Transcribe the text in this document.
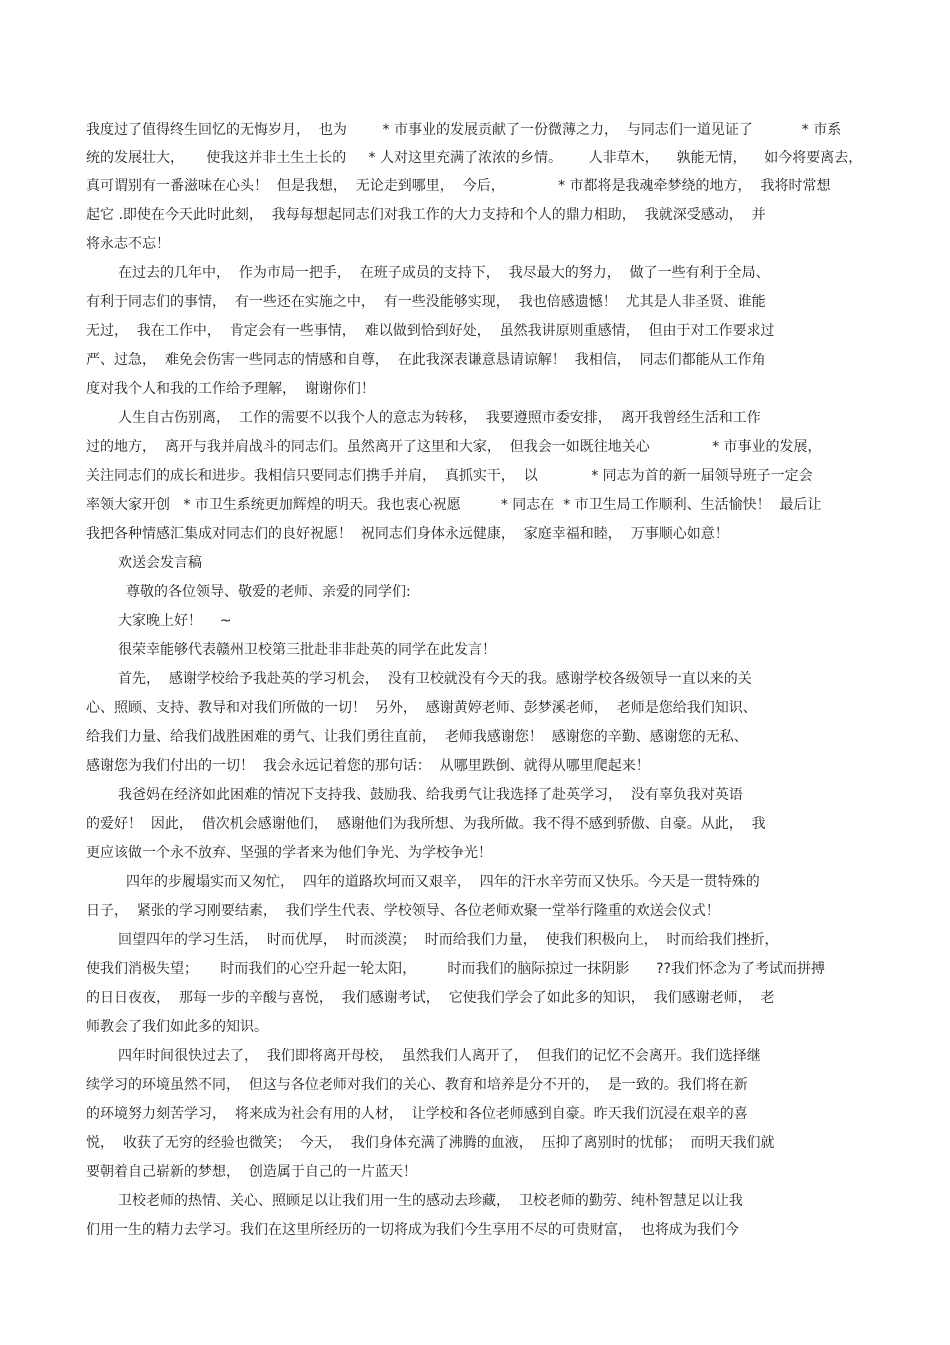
我度过了值得终生回忆的无悔岁月，  也为        * 市事业的发展贡献了一份微薄之力，  与同志们一道见证了           * 市系
统的发展壮大，     使我这并非土生土长的     * 人对这里充满了浓浓的乡情。      人非草木，    孰能无情，    如今将要离去，
真可谓别有一番滋味在心头！  但是我想，  无论走到哪里，  今后，            * 市都将是我魂牵梦绕的地方，  我将时常想
起它 .即使在今天此时此刻，  我每每想起同志们对我工作的大力支持和个人的鼎力相助，  我就深受感动，  并
将永志不忘！
在过去的几年中，  作为市局一把手，  在班子成员的支持下，  我尽最大的努力，  做了一些有利于全局、
有利于同志们的事情，  有一些还在实施之中，  有一些没能够实现，  我也倍感遗憾！  尤其是人非圣贤、谁能
无过，  我在工作中，  肯定会有一些事情，  难以做到恰到好处，  虽然我讲原则重感情，  但由于对工作要求过
严、过急，  难免会伤害一些同志的情感和自尊，  在此我深表谦意恳请谅解！  我相信，  同志们都能从工作角
度对我个人和我的工作给予理解，  谢谢你们！
人生自古伤别离，  工作的需要不以我个人的意志为转移，  我要遵照市委安排，  离开我曾经生活和工作
过的地方，  离开与我并肩战斗的同志们。虽然离开了这里和大家，  但我会一如既往地关心              * 市事业的发展，
关注同志们的成长和进步。我相信只要同志们携手并肩，  真抓实干，  以            * 同志为首的新一届领导班子一定会
率领大家开创   * 市卫生系统更加辉煌的明天。我也衷心祝愿         * 同志在  * 市卫生局工作顺利、生活愉快！  最后让
我把各种情感汇集成对同志们的良好祝愿！  祝同志们身体永远健康，  家庭幸福和睦，  万事顺心如意！
欢送会发言稿
尊敬的各位领导、敬爱的老师、亲爱的同学们:
大家晚上好！    ~
很荣幸能够代表赣州卫校第三批赴非非赴英的同学在此发言！
首先，  感谢学校给予我赴英的学习机会，  没有卫校就没有今天的我。感谢学校各级领导一直以来的关
心、照顾、支持、教导和对我们所做的一切！  另外，  感谢黄婷老师、彭梦溪老师，  老师是您给我们知识、
给我们力量、给我们战胜困难的勇气、让我们勇往直前，  老师我感谢您！  感谢您的辛勤、感谢您的无私、
感谢您为我们付出的一切！  我会永远记着您的那句话：  从哪里跌倒、就得从哪里爬起来！
我爸妈在经济如此困难的情况下支持我、鼓励我、给我勇气让我选择了赴英学习，  没有辜负我对英语
的爱好！  因此，  借次机会感谢他们，  感谢他们为我所想、为我所做。我不得不感到骄傲、自豪。从此，  我
更应该做一个永不放弃、坚强的学者来为他们争光、为学校争光！
四年的步履塌实而又匆忙，  四年的道路坎坷而又艰辛，  四年的汗水辛劳而又快乐。今天是一贯特殊的
日子，  紧张的学习刚要结素，  我们学生代表、学校领导、各位老师欢聚一堂举行隆重的欢送会仪式！
回望四年的学习生活，  时而优厚，  时而淡漠；  时而给我们力量，  使我们积极向上，  时而给我们挫折，
使我们消极失望；     时而我们的心空升起一轮太阳，       时而我们的脑际掠过一抹阴影      ??我们怀念为了考试而拼搏
的日日夜夜，  那每一步的辛酸与喜悦，  我们感谢考试，  它使我们学会了如此多的知识，  我们感谢老师，  老
师教会了我们如此多的知识。
四年时间很快过去了，  我们即将离开母校，  虽然我们人离开了，  但我们的记忆不会离开。我们选择继
续学习的环境虽然不同，  但这与各位老师对我们的关心、教育和培养是分不开的，  是一致的。我们将在新
的环境努力刻苦学习，  将来成为社会有用的人材，  让学校和各位老师感到自豪。昨天我们沉浸在艰辛的喜
悦，  收获了无穷的经验也微笑；  今天，  我们身体充满了沸腾的血液，  压抑了离别时的忧郁；  而明天我们就
要朝着自己崭新的梦想，  创造属于自己的一片蓝天！
卫校老师的热情、关心、照顾足以让我们用一生的感动去珍藏，  卫校老师的勤劳、纯朴智慧足以让我
们用一生的精力去学习。我们在这里所经历的一切将成为我们今生享用不尽的可贵财富，  也将成为我们今
